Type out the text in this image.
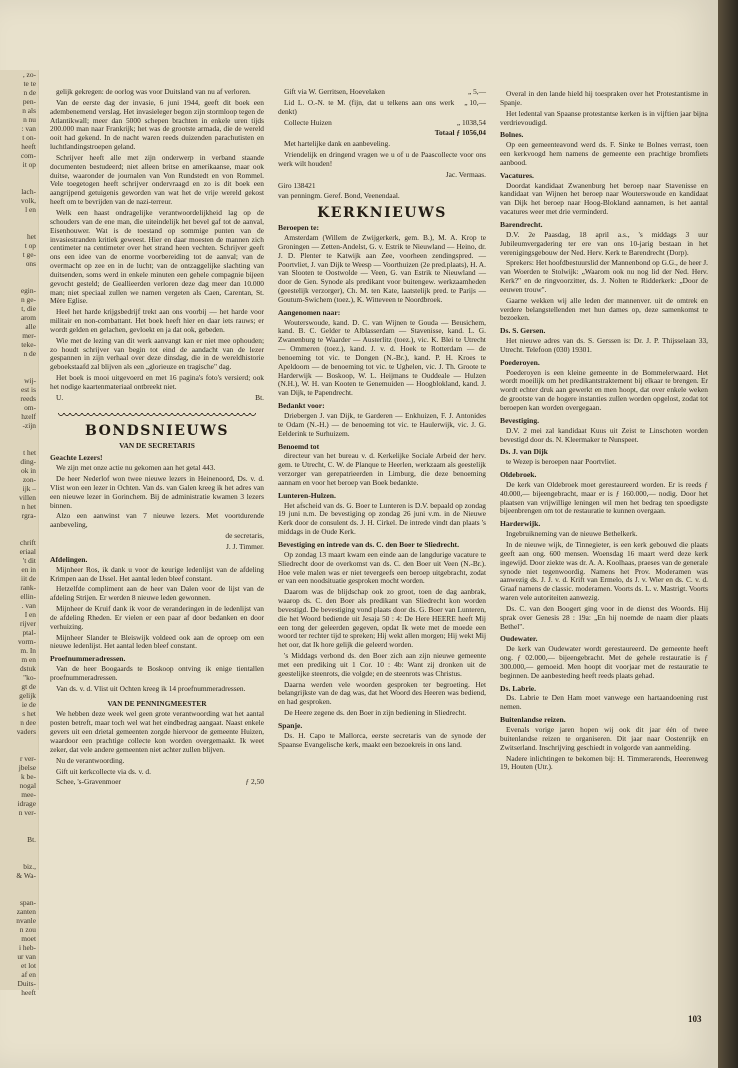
, zo-
te te
n de
pen-
n als
n nu
: van
t on-
heeft
com-
it op
lach-
volk,
l en
het
t op
t ge-
ons
egin-
n ge-
t, die
arom
alle
mer-
teke-
n de
wij-
est is
reeds
om-
hzelf
-zijn
t het
ding-
ok in
zon-
ijk –
villen
n het
rgra-
chrift
eriaal
't dit
en in
iit de
rank-
ellin-
. van
I en
rijver
ptal-
vorm-
m. In
m en
dstuk
"ko-
gt de
gelijk
ie de
s het
n dee
vaders
r ver-
jbelse
k be-
nogal
mee-
idrage
n ver-
Bt.
biz.,
& Wa-
span-
zanten
nvanle
n zou
moet
i heb-
ur van
et lot
af en
Duits-
heeft

gelijk gekregen: de oorlog was voor Duitsland van nu af verloren.

Van de eerste dag der invasie, 6 juni 1944, geeft dit boek een adembenemend verslag. Het invasieleger begon zijn stormloop tegen de Atlantikwall; meer dan 5000 schepen brachten in enkele uren tijds 200.000 man naar Frankrijk; het was de grootste armada, die de wereld ooit had gekend. In de nacht waren reeds duizenden parachutisten en luchtlandingstroepen geland.

Schrijver heeft alle met zijn onderwerp in verband staande documenten bestudeerd; niet alleen britse en amerikaanse, maar ook duitse, waaronder de journalen van Von Rundstedt en von Rommel. Vele toegetogen heeft schrijver ondervraagd en zo is dit boek een aangrijpend getuigenis geworden van wat het de vrije wereld gekost heeft om te bevrijden van de nazi-terreur.

Welk een haast ondragelijke verantwoordelijkheid lag op de schouders van de ene man, die uiteindelijk het bevel gaf tot de aanval, Eisenhouwer. Wat is de toestand op sommige punten van de invasiestranden kritiek geweest. Hier en daar moesten de mannen zich centimeter na centimeter over het strand heen vechten. Schrijver geeft ons een idee van de enorme voorbereiding tot de aanval; van de overmacht op zee en in de lucht; van de ontzaggelijke slachting van duitsenden, soms werd in enkele minuten een gehele compagnie bijeen gevocht gesteld; de Geallieerden verloren deze dag meer dan 10.000 man; niet speciaal zullen we namen vergeten als Caen, Carentan, St. Mère Eglise.

Heel het harde krijgsbedrijf trekt aan ons voorbij — het harde voor militair en non-combattant. Het boek heeft hier en daar iets rauws; er wordt gelden en gelachen, gevloekt en ja dat ook, gebeden.

Wie met de lezing van dit werk aanvangt kan er niet mee ophouden; zo houdt schrijver van begin tot eind de aandacht van de lezer gespannen in zijn verhaal over deze dinsdag, die in de wereldhistorie geboekstaafd zal blijven als een „glorieuze en tragische" dag.

Het boek is mooi uitgevoerd en met 16 pagina's foto's versierd; ook het nodige kaartenmateriaal ontbreekt niet.

U.	Bt.

BONDSNIEUWS

VAN DE SECRETARIS

Geachte Lezers!

We zijn met onze actie nu gekomen aan het getal 443.

De heer Nederlof won twee nieuwe lezers in Heinenoord, Ds. v. d. Vlist won een lezer in Ochten. Van ds. van Galen kreeg ik het adres van een nieuwe lezer in Gorinchem. Bij de administratie kwamen 3 lezers binnen.

Alzo een aanwinst van 7 nieuwe lezers. Met voortdurende aanbeveling,

de secretaris,

J. J. Timmer.

Afdelingen.

Mijnheer Ros, ik dank u voor de keurige ledenlijst van de afdeling Krimpen aan de IJssel. Het aantal leden bleef constant.

Hetzelfde compliment aan de heer van Dalen voor de lijst van de afdeling Strijen. Er werden 8 nieuwe leden gewonnen.

Mijnheer de Kruif dank ik voor de veranderingen in de ledenlijst van de afdeling Rheden. Er vielen er een paar af door bedanken en door verhuizing.

Mijnheer Slander te Bleiswijk voldeed ook aan de oproep om een nieuwe ledenlijst. Het aantal leden bleef constant.

Proefnummeradressen.

Van de heer Boogaards te Boskoop ontving ik enige tientallen proefnummeradressen.

Van ds. v. d. Vlist uit Ochten kreeg ik 14 proefnummeradressen.

VAN DE PENNINGMEESTER

We hebben deze week wel geen grote verantwoording wat het aantal posten betreft, maar toch wel wat het eindbedrag aangaat. Naast enkele gevers uit een drietal gemeenten zorgde hiervoor de gemeente Huizen, waardoor een prachtige collecte kon worden overgemaakt. Ik weet zeker, dat vele andere gemeenten niet achter zullen blijven.

Nu de verantwoording.

Gift uit kerkcollecte via ds. v. d.

Schee, 's-Gravenmoer	ƒ 2,50

Gift via W. Gerritsen, Hoevelaken	„ 5,—

Lid L. O.-N. te M. (fijn, dat u telkens aan ons werk denkt)
„ 10,—

Collecte Huizen	„ 1038,54

Totaal ƒ 1056,04

Met hartelijke dank en aanbeveling.

Vriendelijk en dringend vragen we u of u de Paascollecte voor ons werk wilt houden!

Jac. Vermaas.

Giro 138421

van penningm. Geref. Bond, Veenendaal.

KERKNIEUWS
Beroepen te:

Amsterdam (Willem de Zwijgerkerk, gem. B.), M. A. Krop te Groningen — Zetten-Andelst, G. v. Estrik te Nieuwland — Heino, dr. J. D. Plenter te Katwijk aan Zee, voorheen zendingspred. — Poortvliet, J. van Dijk te Weesp — Voorthuizen (2e pred.plaats), H. A. van Slooten te Oostwolde — Veen, G. van Estrik te Nieuwland — door de Gen. Synode als predikant voor buitengew. werkzaamheden (geestelijk verzorger), Ch. M. ten Kate, laatstelijk pred. te Parijs — Goutum-Swichem (toez.), K. Witteveen te Noordbroek.

Aangenomen naar:

Wouterswoude, kand. D. C. van Wijnen te Gouda — Beusichem, kand. B. C. Gelder te Alblasserdam — Stavenisse, kand. L. G. Zwanenburg te Waarder — Austerlitz (toez.), vic. K. Blei te Utrecht — Ommeren (toez.), kand. J. v. d. Hoek te Rotterdam — de benoeming tot vic. te Dongen (N.-Br.), kand. P. H. Kroes te Apeldoorn — de benoeming tot vic. te Ughelen, vic. J. Th. Groote te Harderwijk — Boskoop, W. L. Heijmans te Ouddeale — Hulzen (N.H.), W. H. van Kooten te Genemuiden — Hoogblokland, kand. J. van Dijk, te Papendrecht.

Bedankt voor:

Driebergen J. van Dijk, te Garderen — Enkhuizen, F. J. Antonides te Odam (N.-H.) — de benoeming tot vic. te Haulerwijk, vic. J. G. Eelderink te Surhuizem.

Benoemd tot

directeur van het bureau v. d. Kerkelijke Sociale Arbeid der herv. gem. te Utrecht, C. W. de Planque te Heerlen, werkzaam als geestelijk verzorger van gerepatrieerden in Limburg, die deze benoeming aannam en voor het beroep van Boek bedankte.

Lunteren-Hulzen.

Het afscheid van ds. G. Boer te Lunteren is D.V. bepaald op zondag 19 juni n.m. De bevestiging op zondag 26 juni v.m. in de Nieuwe Kerk door de consulent ds. J. H. Cirkel. De intrede vindt dan plaats 's middags in de Oude Kerk.

Bevestiging en intrede van ds. C. den Boer te Sliedrecht.

Op zondag 13 maart kwam een einde aan de langdurige vacature te Sliedrecht door de overkomst van ds. C. den Boer uit Veen (N.-Br.). Hoe vele malen was er niet tevergeefs een beroep uitgebracht, zodat er van een noodsituatie gesproken mocht worden.

Daarom was de blijdschap ook zo groot, toen de dag aanbrak, waarop ds. C. den Boer als predikant van Sliedrecht kon worden bevestigd. De bevestiging vond plaats door ds. G. Boer van Lunteren, die het Woord bediende uit Jesaja 50 : 4: De Here HEERE heeft Mij een tong der geleerden gegeven, opdat Ik wete met de moede een woord ter rechter tijd te spreken; Hij wekt allen morgen; Hij wekt Mij het oor, dat Ik hore gelijk die geleerd worden.

's Middags verbond ds. den Boer zich aan zijn nieuwe gemeente met een prediking uit 1 Cor. 10 : 4b: Want zij dronken uit de geestelijke steenrots, die volgde; en de steenrots was Christus.

Daarna werden vele woorden gesproken ter begroeting. Het belangrijkste van de dag was, dat het Woord des Heeren was bediend, en had gesproken.

De Heere zegene ds. den Boer in zijn bediening in Sliedrecht.

Spanje.

Ds. H. Capo te Mallorca, eerste secretaris van de synode der Spaanse Evangelische kerk, maakt een bezoekreis in ons land.

Overal in den lande hield hij toespraken over het Protestantisme in Spanje.

Het ledental van Spaanse protestantse kerken is in vijftien jaar bijna verdrievoudigd.

Bolnes.

Op een gemeenteavond werd ds. F. Sinke te Bolnes verrast, toen een kerkvoogd hem namens de gemeente een prachtige bromfiets aanbood.

Vacatures.

Doordat kandidaat Zwanenburg het beroep naar Stavenisse en kandidaat van Wijnen het beroep naar Wouterswoude en kandidaat van Dijk het beroep naar Hoog-Blokland aannamen, is het aantal vacatures weer met drie verminderd.

Barendrecht.

D.V. 2e Paasdag, 18 april a.s., 's middags 3 uur Jubileumvergadering ter ere van ons 10-jarig bestaan in het verenigingsgebouw der Ned. Herv. Kerk te Barendrecht (Dorp).

Sprekers: Het hoofdbestuurslid der Mannenbond op G.G., de heer J. van Woerden te Stolwijk: „Waarom ook nu nog lid der Ned. Herv. Kerk?" en de ringvoorzitter, ds. J. Nolten te Ridderkerk: „Door de eeuwen trouw".

Gaarne wekken wij alle leden der mannenver. uit de omtrek en verdere belangstellenden met hun dames op, deze samenkomst te bezoeken.

Ds. S. Gersen.

Het nieuwe adres van ds. S. Gerssen is: Dr. J. P. Thijsselaan 33, Utrecht. Telefoon (030) 19301.

Poederoyen.

Poederoyen is een kleine gemeente in de Bommelerwaard. Het wordt moeilijk om het predikantstraktement bij elkaar te brengen. Er wordt echter druk aan gewerkt en men hoopt, dat over enkele weken de grootste van de hogere instanties zullen worden opgelost, zodat tot beroepen kan worden overgegaan.

Bevestiging.

D.V. 2 mei zal kandidaat Kuus uit Zeist te Linschoten worden bevestigd door ds. N. Kleermaker te Nunspeet.

Ds. J. van Dijk

te Wezep is beroepen naar Poortvliet.

Oldebroek.

De kerk van Oldebroek moet gerestaureerd worden. Er is reeds ƒ 40.000,— bijeengebracht, maar er is ƒ 160.000,— nodig. Door het plaatsen van vrijwillige leningen wil men het bedrag ten spoedigste bijeenbrengen om tot de restauratie te kunnen overgaan.

Harderwijk.

Ingebruikneming van de nieuwe Bethelkerk.

In de nieuwe wijk, de Tinnegieter, is een kerk gebouwd die plaats geeft aan ong. 600 mensen. Woensdag 16 maart werd deze kerk ingewijd. Door ziekte was dr. A. A. Koolhaas, praeses van de generale synode niet tegenwoordig. Namens het Prov. Moderamen was aanwezig ds. J. J. v. d. Krift van Ermelo, ds J. v. Wier en ds. C. v. d. Graaf namens de classic. moderamen. Voorts ds. L. v. Mastrigt. Voorts waren vele autoriteiten aanwezig.

Ds. C. van den Boogert ging voor in de dienst des Woords. Hij sprak over Genesis 28 : 19a: „En hij noemde de naam dier plaats Bethel".

Oudewater.

De kerk van Oudewater wordt gerestaureerd. De gemeente heeft ong. ƒ 02.000,— bijeengebracht. Met de gehele restauratie is ƒ 300.000,— gemoeid. Men hoopt dit voorjaar met de restauratie te beginnen. De aanbesteding heeft reeds plaats gehad.

Ds. Labrie.

Ds. Labrie te Den Ham moet vanwege een hartaandoening rust nemen.

Buitenlandse reizen.

Evenals vorige jaren hopen wij ook dit jaar één of twee buitenlandse reizen te organiseren. Dit jaar naar Oostenrijk en Zwitserland. Inschrijving geschiedt in volgorde van aanmelding.

Nadere inlichtingen te bekomen bij: H. Timmerarends, Heerenweg 19, Houten (Utr.).

103
